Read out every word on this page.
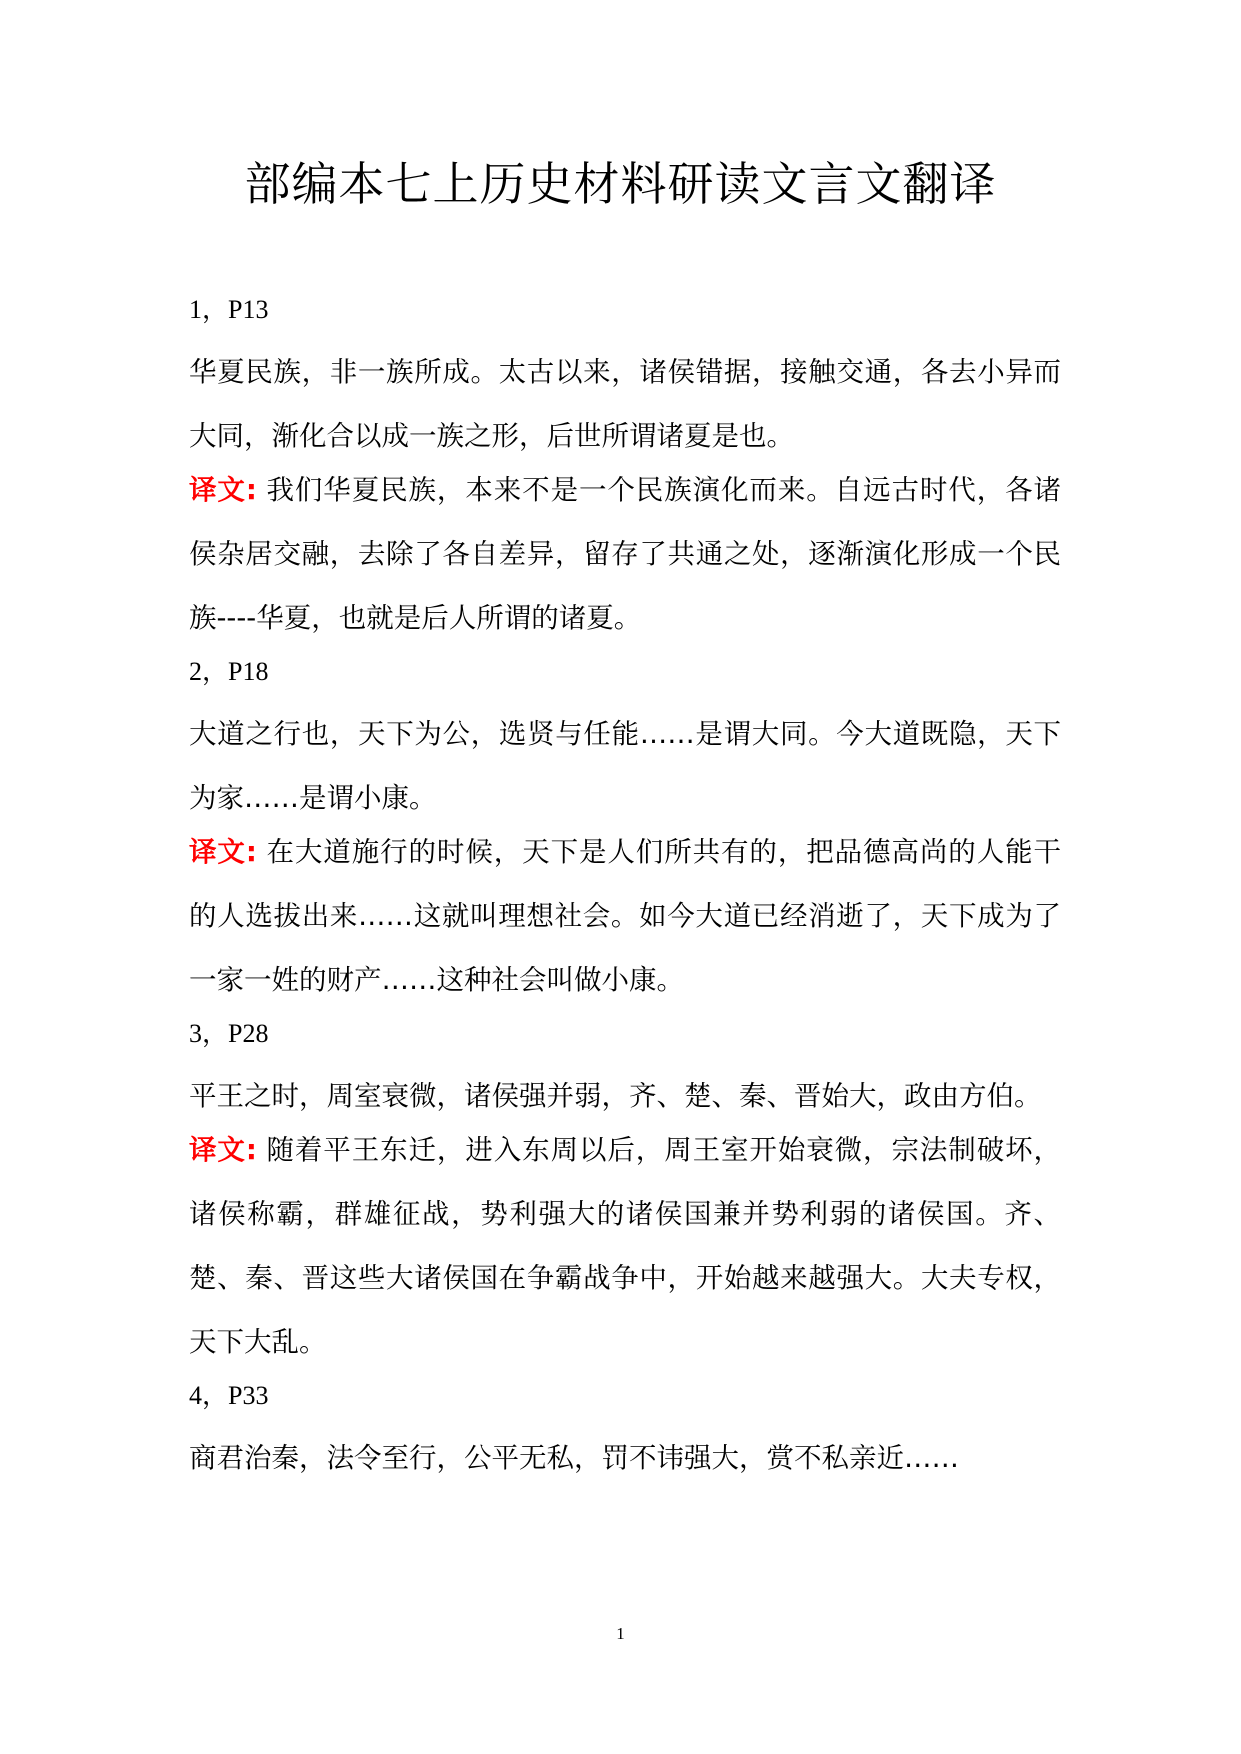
部编本七上历史材料研读文言文翻译
1，P13
华夏民族，非一族所成。太古以来，诸侯错据，接触交通，各去小异而大同，渐化合以成一族之形，后世所谓诸夏是也。
译文: 我们华夏民族，本来不是一个民族演化而来。自远古时代，各诸侯杂居交融，去除了各自差异，留存了共通之处，逐渐演化形成一个民族----华夏，也就是后人所谓的诸夏。
2，P18
大道之行也，天下为公，选贤与任能……是谓大同。今大道既隐，天下为家……是谓小康。
译文: 在大道施行的时候，天下是人们所共有的，把品德高尚的人能干的人选拔出来……这就叫理想社会。如今大道已经消逝了，天下成为了一家一姓的财产……这种社会叫做小康。
3，P28
平王之时，周室衰微，诸侯强并弱，齐、楚、秦、晋始大，政由方伯。
译文: 随着平王东迁，进入东周以后，周王室开始衰微，宗法制破坏，诸侯称霸，群雄征战，势利强大的诸侯国兼并势利弱的诸侯国。齐、楚、秦、晋这些大诸侯国在争霸战争中，开始越来越强大。大夫专权，天下大乱。
4，P33
商君治秦，法令至行，公平无私，罚不讳强大，赏不私亲近……
1
